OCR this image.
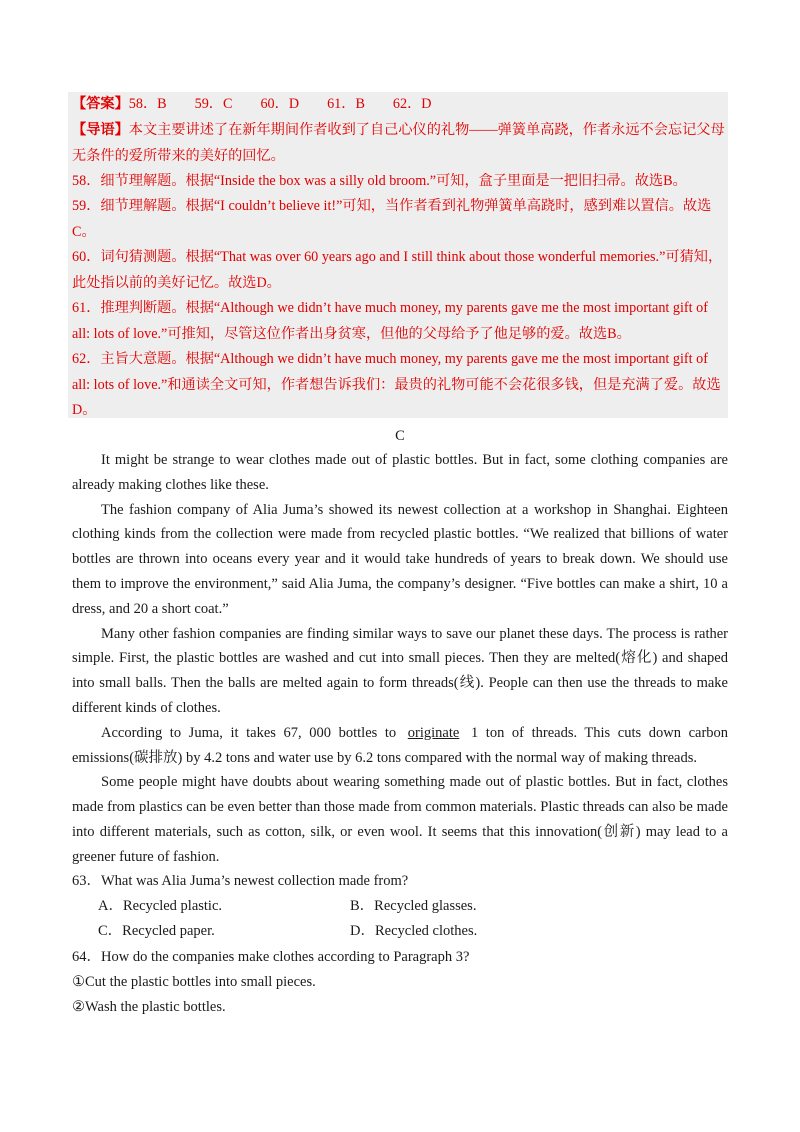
【答案】58．B 59．C 60．D 61．B 62．D

【导语】本文主要讲述了在新年期间作者收到了自己心仪的礼物——弹簧单高跷，作者永远不会忘记父母无条件的爱所带来的美好的回忆。

58．细节理解题。根据“Inside the box was a silly old broom.”可知，盒子里面是一把旧扫帚。故选B。

59．细节理解题。根据“I couldn’t believe it!”可知，当作者看到礼物弹簧单高跷时，感到难以置信。故选C。

60．词句猜测题。根据“That was over 60 years ago and I still think about those wonderful memories.”可猜知，此处指以前的美好记忆。故选D。

61．推理判断题。根据“Although we didn’t have much money, my parents gave me the most important gift of all: lots of love.”可推知，尽管这位作者出身贫寒，但他的父母给予了他足够的爱。故选B。

62．主旨大意题。根据“Although we didn’t have much money, my parents gave me the most important gift of all: lots of love.”和通读全文可知，作者想告诉我们：最贵的礼物可能不会花很多钱，但是充满了爱。故选D。

C

It might be strange to wear clothes made out of plastic bottles. But in fact, some clothing companies are already making clothes like these.

The fashion company of Alia Juma’s showed its newest collection at a workshop in Shanghai. Eighteen clothing kinds from the collection were made from recycled plastic bottles. “We realized that billions of water bottles are thrown into oceans every year and it would take hundreds of years to break down. We should use them to improve the environment,” said Alia Juma, the company’s designer. “Five bottles can make a shirt, 10 a dress, and 20 a short coat.”

Many other fashion companies are finding similar ways to save our planet these days. The process is rather simple. First, the plastic bottles are washed and cut into small pieces. Then they are melted(熔化) and shaped into small balls. Then the balls are melted again to form threads(线). People can then use the threads to make different kinds of clothes.

According to Juma, it takes 67, 000 bottles to originate 1 ton of threads. This cuts down carbon emissions(碳排放) by 4.2 tons and water use by 6.2 tons compared with the normal way of making threads.

Some people might have doubts about wearing something made out of plastic bottles. But in fact, clothes made from plastics can be even better than those made from common materials. Plastic threads can also be made into different materials, such as cotton, silk, or even wool. It seems that this innovation(创新) may lead to a greener future of fashion.

63．What was Alia Juma’s newest collection made from?
A．Recycled plastic.	B．Recycled glasses.
C．Recycled paper.	D．Recycled clothes.
64．How do the companies make clothes according to Paragraph 3?
①Cut the plastic bottles into small pieces.
②Wash the plastic bottles.
